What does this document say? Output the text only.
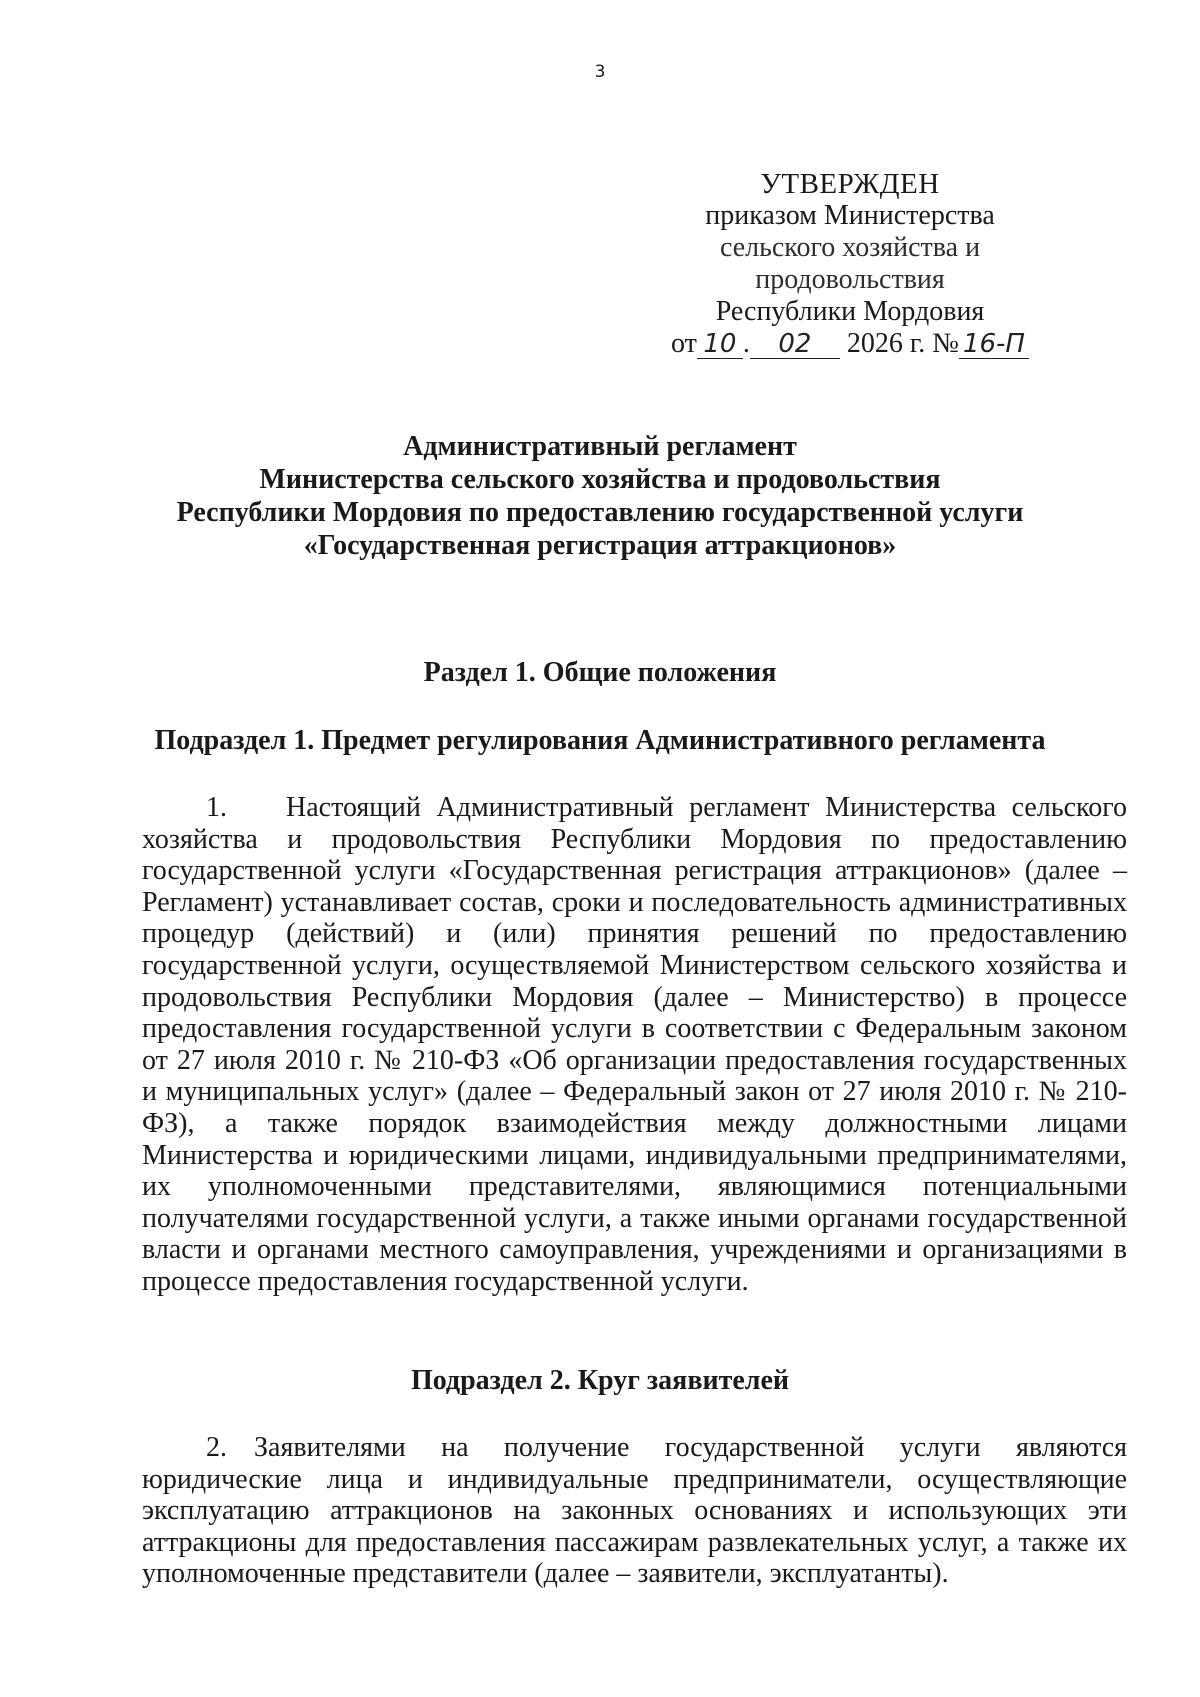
3
УТВЕРЖДЕН
приказом Министерства
сельского хозяйства и продовольствия
Республики Мордовия
от 10 . 02 2026 г. № 16-П
Административный регламент
Министерства сельского хозяйства и продовольствия
Республики Мордовия по предоставлению государственной услуги
«Государственная регистрация аттракционов»
Раздел 1. Общие положения
Подраздел 1. Предмет регулирования Административного регламента
1. Настоящий Административный регламент Министерства сельского хозяйства и продовольствия Республики Мордовия по предоставлению государственной услуги «Государственная регистрация аттракционов» (далее – Регламент) устанавливает состав, сроки и последовательность административных процедур (действий) и (или) принятия решений по предоставлению государственной услуги, осуществляемой Министерством сельского хозяйства и продовольствия Республики Мордовия (далее – Министерство) в процессе предоставления государственной услуги в соответствии с Федеральным законом от 27 июля 2010 г. № 210-ФЗ «Об организации предоставления государственных и муниципальных услуг» (далее – Федеральный закон от 27 июля 2010 г. № 210-ФЗ), а также порядок взаимодействия между должностными лицами Министерства и юридическими лицами, индивидуальными предпринимателями, их уполномоченными представителями, являющимися потенциальными получателями государственной услуги, а также иными органами государственной власти и органами местного самоуправления, учреждениями и организациями в процессе предоставления государственной услуги.
Подраздел 2. Круг заявителей
2. Заявителями на получение государственной услуги являются юридические лица и индивидуальные предприниматели, осуществляющие эксплуатацию аттракционов на законных основаниях и использующих эти аттракционы для предоставления пассажирам развлекательных услуг, а также их уполномоченные представители (далее – заявители, эксплуатанты).
